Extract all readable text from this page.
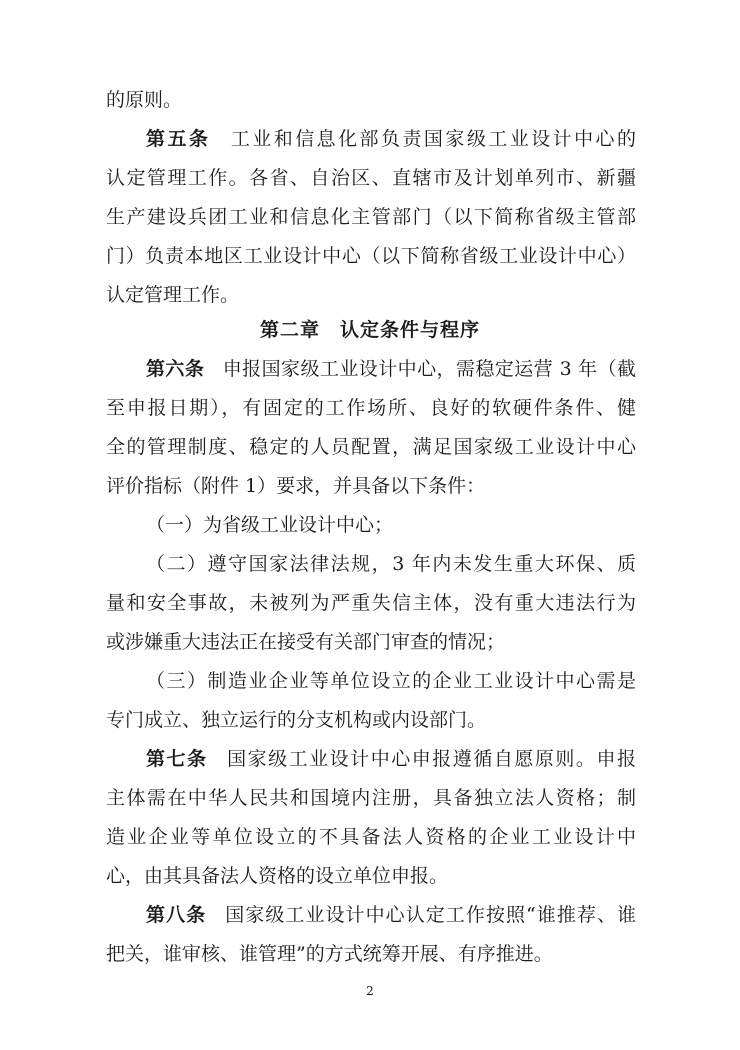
的原则。
第五条 工业和信息化部负责国家级工业设计中心的
认定管理工作。各省、自治区、直辖市及计划单列市、新疆
生产建设兵团工业和信息化主管部门（以下简称省级主管部
门）负责本地区工业设计中心（以下简称省级工业设计中心）
认定管理工作。
第二章　认定条件与程序
第六条 申报国家级工业设计中心，需稳定运营 3 年（截
至申报日期），有固定的工作场所、良好的软硬件条件、健
全的管理制度、稳定的人员配置，满足国家级工业设计中心
评价指标（附件 1）要求，并具备以下条件：
（一）为省级工业设计中心；
（二）遵守国家法律法规，3 年内未发生重大环保、质
量和安全事故，未被列为严重失信主体，没有重大违法行为
或涉嫌重大违法正在接受有关部门审查的情况；
（三）制造业企业等单位设立的企业工业设计中心需是
专门成立、独立运行的分支机构或内设部门。
第七条 国家级工业设计中心申报遵循自愿原则。申报
主体需在中华人民共和国境内注册，具备独立法人资格；制
造业企业等单位设立的不具备法人资格的企业工业设计中
心，由其具备法人资格的设立单位申报。
第八条 国家级工业设计中心认定工作按照“谁推荐、谁
把关，谁审核、谁管理”的方式统筹开展、有序推进。
2
